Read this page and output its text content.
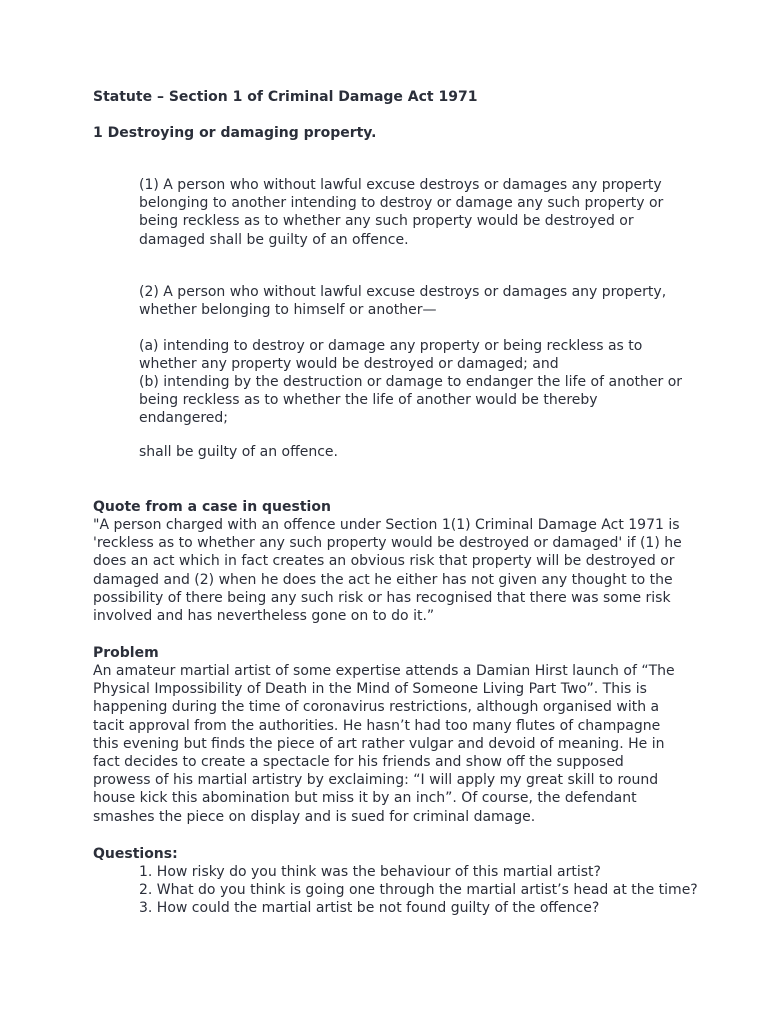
Statute – Section 1 of Criminal Damage Act 1971

1 Destroying or damaging property.

(1) A person who without lawful excuse destroys or damages any property belonging to another intending to destroy or damage any such property or being reckless as to whether any such property would be destroyed or damaged shall be guilty of an offence.

(2) A person who without lawful excuse destroys or damages any property, whether belonging to himself or another—

(a) intending to destroy or damage any property or being reckless as to whether any property would be destroyed or damaged; and

(b) intending by the destruction or damage to endanger the life of another or being reckless as to whether the life of another would be thereby endangered;

shall be guilty of an offence.

Quote from a case in question

"A person charged with an offence under Section 1(1) Criminal Damage Act 1971 is 'reckless as to whether any such property would be destroyed or damaged' if (1) he does an act which in fact creates an obvious risk that property will be destroyed or damaged and (2) when he does the act he either has not given any thought to the possibility of there being any such risk or has recognised that there was some risk involved and has nevertheless gone on to do it.”

Problem

An amateur martial artist of some expertise attends a Damian Hirst launch of “The Physical Impossibility of Death in the Mind of Someone Living Part Two”. This is happening during the time of coronavirus restrictions, although organised with a tacit approval from the authorities. He hasn’t had too many flutes of champagne this evening but finds the piece of art rather vulgar and devoid of meaning. He in fact decides to create a spectacle for his friends and show off the supposed prowess of his martial artistry by exclaiming: “I will apply my great skill to round house kick this abomination but miss it by an inch”. Of course, the defendant smashes the piece on display and is sued for criminal damage.

Questions:

1. How risky do you think was the behaviour of this martial artist?
2. What do you think is going one through the martial artist’s head at the time?
3. How could the martial artist be not found guilty of the offence?
